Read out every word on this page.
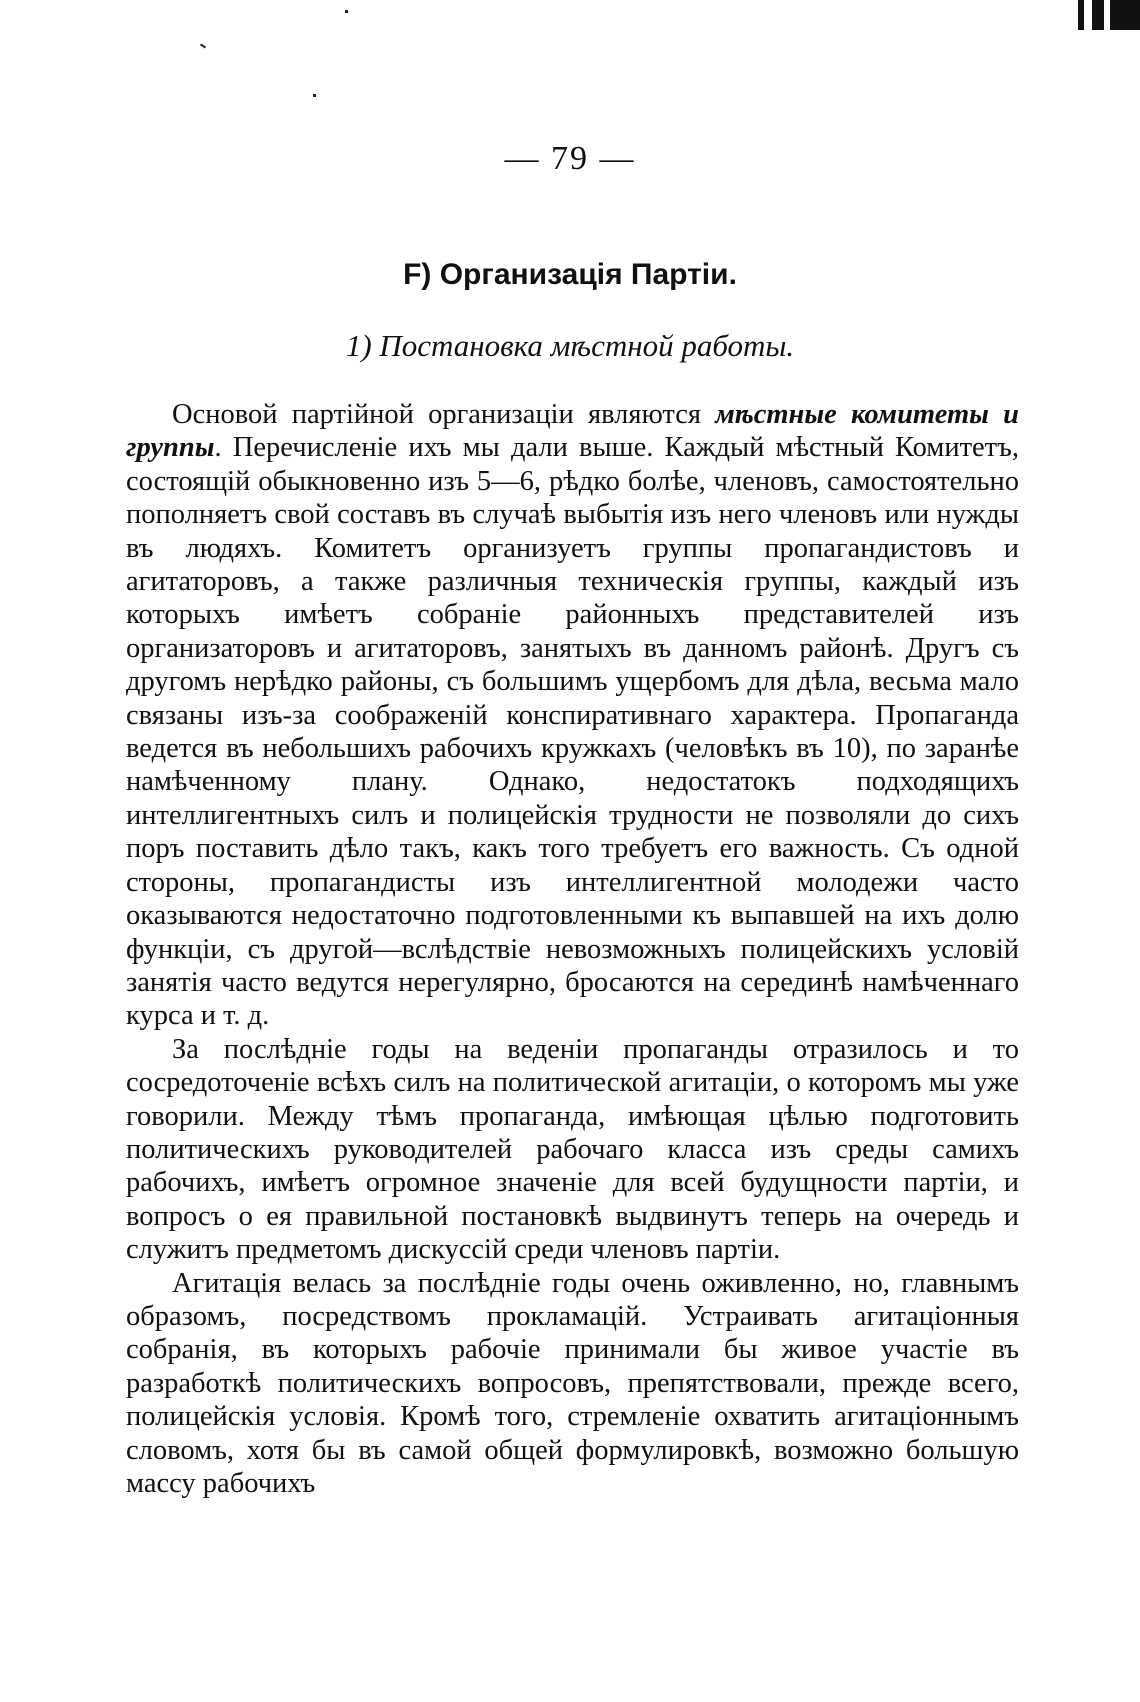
— 79 —
F) Организація Партіи.
1) Постановка мѣстной работы.

Основой партійной организаціи являются мѣстные комитеты и группы. Перечисленіе ихъ мы дали выше. Каждый мѣстный Комитетъ, состоящій обыкновенно изъ 5—6, рѣдко болѣе, членовъ, самостоятельно пополняетъ свой составъ въ случаѣ выбытія изъ него членовъ или нужды въ людяхъ. Комитетъ организуетъ группы пропагандистовъ и агитаторовъ, а также различныя техническія группы, каждый изъ которыхъ имѣетъ собраніе районныхъ представителей изъ организаторовъ и агитаторовъ, занятыхъ въ данномъ районѣ. Другъ съ другомъ нерѣдко районы, съ большимъ ущербомъ для дѣла, весьма мало связаны изъ-за соображеній конспиративнаго характера. Пропаганда ведется въ небольшихъ рабочихъ кружкахъ (человѣкъ въ 10), по заранѣе намѣченному плану. Однако, недостатокъ подходящихъ интеллигентныхъ силъ и полицейскія трудности не позволяли до сихъ поръ поставить дѣло такъ, какъ того требуетъ его важность. Съ одной стороны, пропагандисты изъ интеллигентной молодежи часто оказываются недостаточно подготовленными къ выпавшей на ихъ долю функціи, съ другой—вслѣдствіе невозможныхъ полицейскихъ условій занятія часто ведутся нерегулярно, бросаются на серединѣ намѣченнаго курса и т. д.

За послѣдніе годы на веденіи пропаганды отразилось и то сосредоточеніе всѣхъ силъ на политической агитаціи, о которомъ мы уже говорили. Между тѣмъ пропаганда, имѣющая цѣлью подготовить политическихъ руководителей рабочаго класса изъ среды самихъ рабочихъ, имѣетъ огромное значеніе для всей будущности партіи, и вопросъ о ея правильной постановкѣ выдвинутъ теперь на очередь и служитъ предметомъ дискуссій среди членовъ партіи.

Агитація велась за послѣдніе годы очень оживленно, но, главнымъ образомъ, посредствомъ прокламацій. Устраивать агитаціонныя собранія, въ которыхъ рабочіе принимали бы живое участіе въ разработкѣ политическихъ вопросовъ, препятствовали, прежде всего, полицейскія условія. Кромѣ того, стремленіе охватить агитаціоннымъ словомъ, хотя бы въ самой общей формулировкѣ, возможно большую массу рабочихъ
